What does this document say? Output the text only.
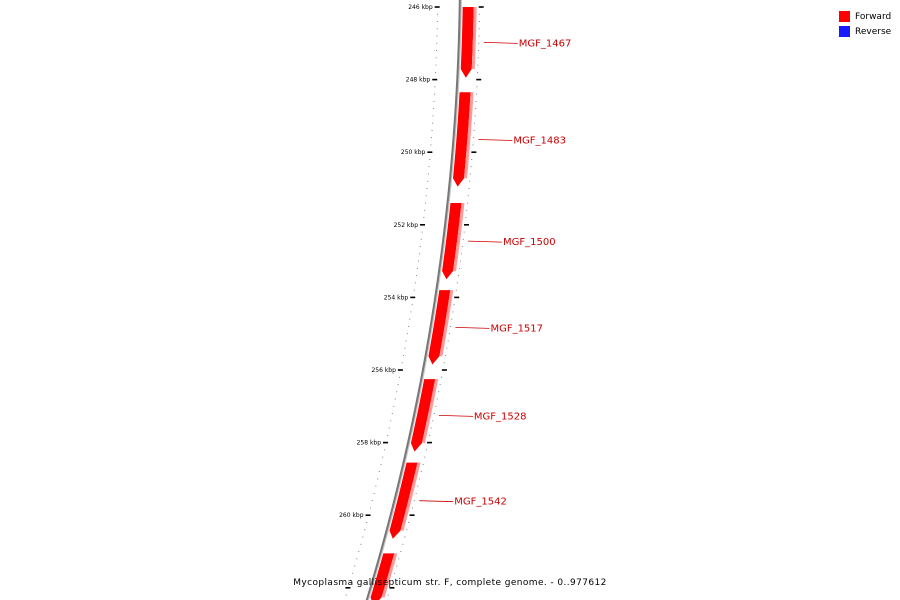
246 kbp
248 kbp
250 kbp
252 kbp
254 kbp
256 kbp
258 kbp
260 kbp
MGF_1467
MGF_1483
MGF_1500
MGF_1517
MGF_1528
MGF_1542
Forward
Reverse
Mycoplasma gallisepticum str. F, complete genome. - 0..977612
